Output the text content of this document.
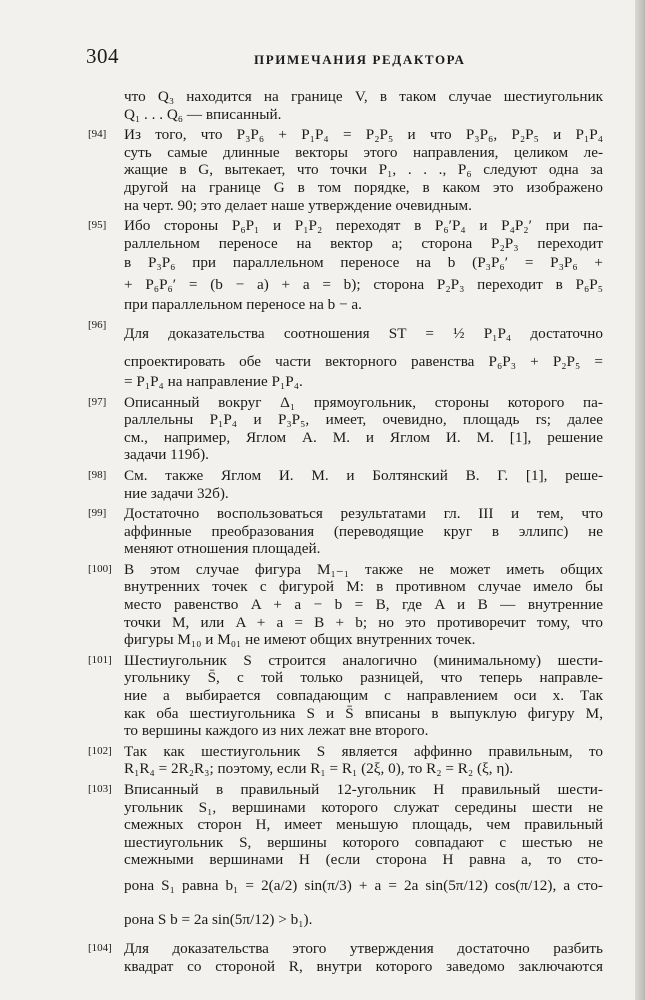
304	ПРИМЕЧАНИЯ РЕДАКТОРА
что Q₃ находится на границе V, в таком случае шестиугольник
Q₁ . . . Q₆ — вписанный.
[94] Из того, что P₃P₆ + P₁P₄ = P₂P₅ и что P₃P₆, P₂P₅ и P₁P₄
суть самые длинные векторы этого направления, целиком ле-
жащие в G, вытекает, что точки P₁, . . ., P₆ следуют одна за
другой на границе G в том порядке, в каком это изображено
на черт. 90; это делает наше утверждение очевидным.
[95] Ибо стороны P₆P₁ и P₁P₂ переходят в P₆′P₄ и P₄P₂′ при па-
раллельном переносе на вектор a; сторона P₂P₃ переходит
в P₃P₆ при параллельном переносе на b (P₃P₆′ = P₃P₆ +
+ P₆P₆′ = (b − a) + a = b); сторона P₂P₃ переходит в P₆P₅
при параллельном переносе на b − a.
[96] Для доказательства соотношения ST = ½ P₁P₄ достаточно
спроектировать обе части векторного равенства P₆P₃ + P₂P₅ =
= P₁P₄ на направление P₁P₄.
[97] Описанный вокруг Δ₁ прямоугольник, стороны которого па-
раллельны P₁P₄ и P₃P₅, имеет, очевидно, площадь rs; далее
см., например, Яглом А. М. и Яглом И. М. [1], решение
задачи 119б).
[98] См. также Яглом И. М. и Болтянский В. Г. [1], реше-
ние задачи 32б).
[99] Достаточно воспользоваться результатами гл. III и тем, что
аффинные преобразования (переводящие круг в эллипс) не
меняют отношения площадей.
[100] В этом случае фигура M₁₋₁ также не может иметь общих
внутренних точек с фигурой M: в противном случае имело бы
место равенство A + a − b = B, где A и B — внутренние
точки M, или A + a = B + b; но это противоречит тому, что
фигуры M₁₀ и M₀₁ не имеют общих внутренних точек.
[101] Шестиугольник S строится аналогично (минимальному) шести-
угольнику S̄, с той только разницей, что теперь направле-
ние a выбирается совпадающим с направлением оси x. Так
как оба шестиугольника S и S̄ вписаны в выпуклую фигуру M,
то вершины каждого из них лежат вне второго.
[102] Так как шестиугольник S является аффинно правильным, то
R₁R₄ = 2R₂R₃; поэтому, если R₁ = R₁ (2ξ, 0), то R₂ = R₂ (ξ, η).
[103] Вписанный в правильный 12-угольник H правильный шести-
угольник S₁, вершинами которого служат середины шести не
смежных сторон H, имеет меньшую площадь, чем правильный
шестиугольник S, вершины которого совпадают с шестью не
смежными вершинами H (если сторона H равна a, то сто-
рона S₁ равна b₁ = 2(a/2) sin(π/3) + a = 2a sin(5π/12) cos(π/12), а сто-
рона S b = 2a sin(5π/12) > b₁).
[104] Для доказательства этого утверждения достаточно разбить
квадрат со стороной R, внутри которого заведомо заключаются
